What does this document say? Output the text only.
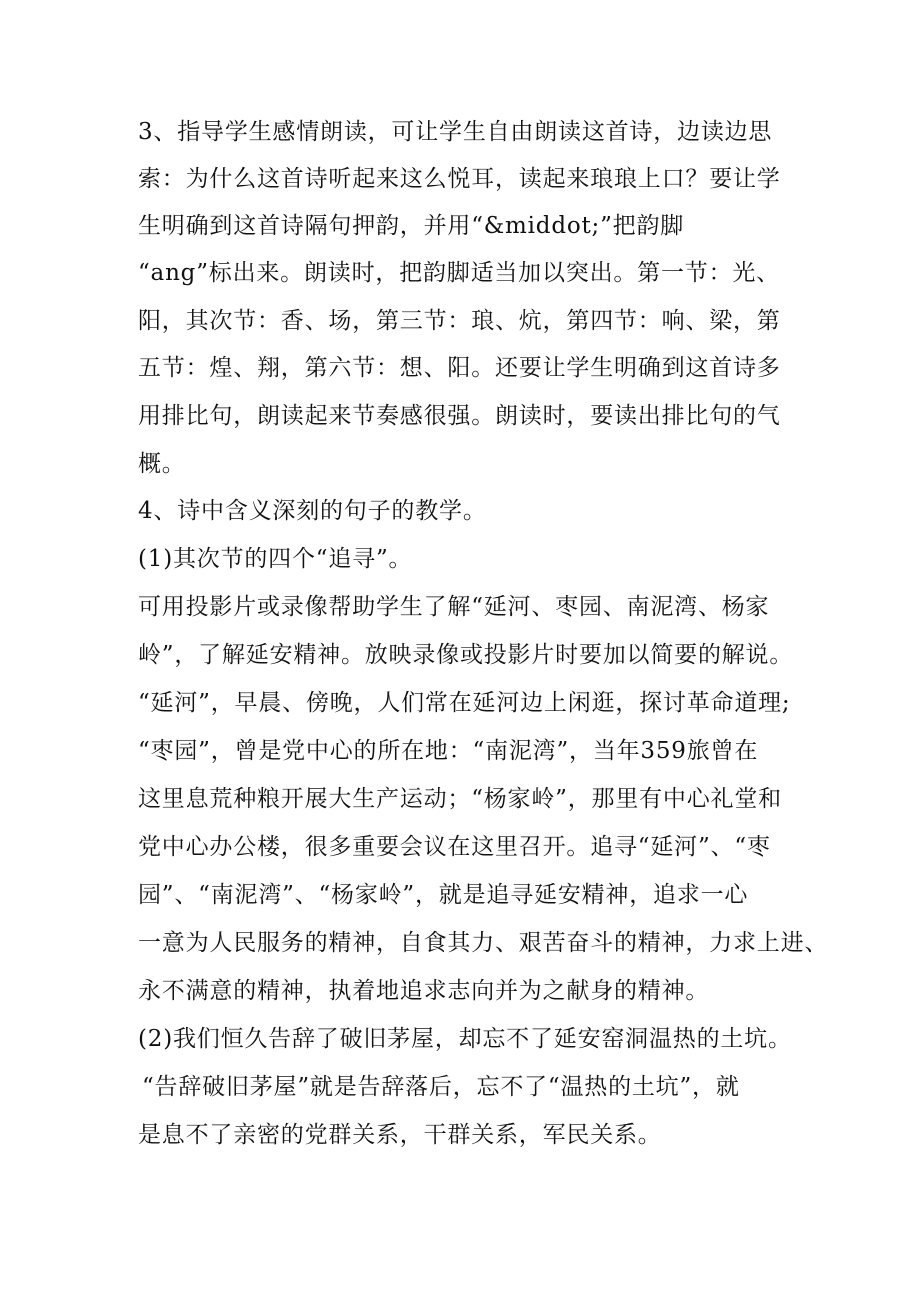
3、指导学生感情朗读，可让学生自由朗读这首诗，边读边思
索：为什么这首诗听起来这么悦耳，读起来琅琅上口？要让学
生明确到这首诗隔句押韵，并用“&middot;”把韵脚
“ang”标出来。朗读时，把韵脚适当加以突出。第一节：光、
阳，其次节：香、场，第三节：琅、炕，第四节：响、梁，第
五节：煌、翔，第六节：想、阳。还要让学生明确到这首诗多
用排比句，朗读起来节奏感很强。朗读时，要读出排比句的气
概。
4、诗中含义深刻的句子的教学。
(1)其次节的四个“追寻”。
可用投影片或录像帮助学生了解“延河、枣园、南泥湾、杨家
岭”，了解延安精神。放映录像或投影片时要加以简要的解说。
“延河”，早晨、傍晚，人们常在延河边上闲逛，探讨革命道理;
“枣园”，曾是党中心的所在地：“南泥湾”，当年359旅曾在
这里息荒种粮开展大生产运动；“杨家岭”，那里有中心礼堂和
党中心办公楼，很多重要会议在这里召开。追寻“延河”、“枣
园”、“南泥湾”、“杨家岭”，就是追寻延安精神，追求一心
一意为人民服务的精神，自食其力、艰苦奋斗的精神，力求上进、
永不满意的精神，执着地追求志向并为之献身的精神。
(2)我们恒久告辞了破旧茅屋，却忘不了延安窑洞温热的土坑。
“告辞破旧茅屋”就是告辞落后，忘不了“温热的土坑”，就
是息不了亲密的党群关系，干群关系，军民关系。
